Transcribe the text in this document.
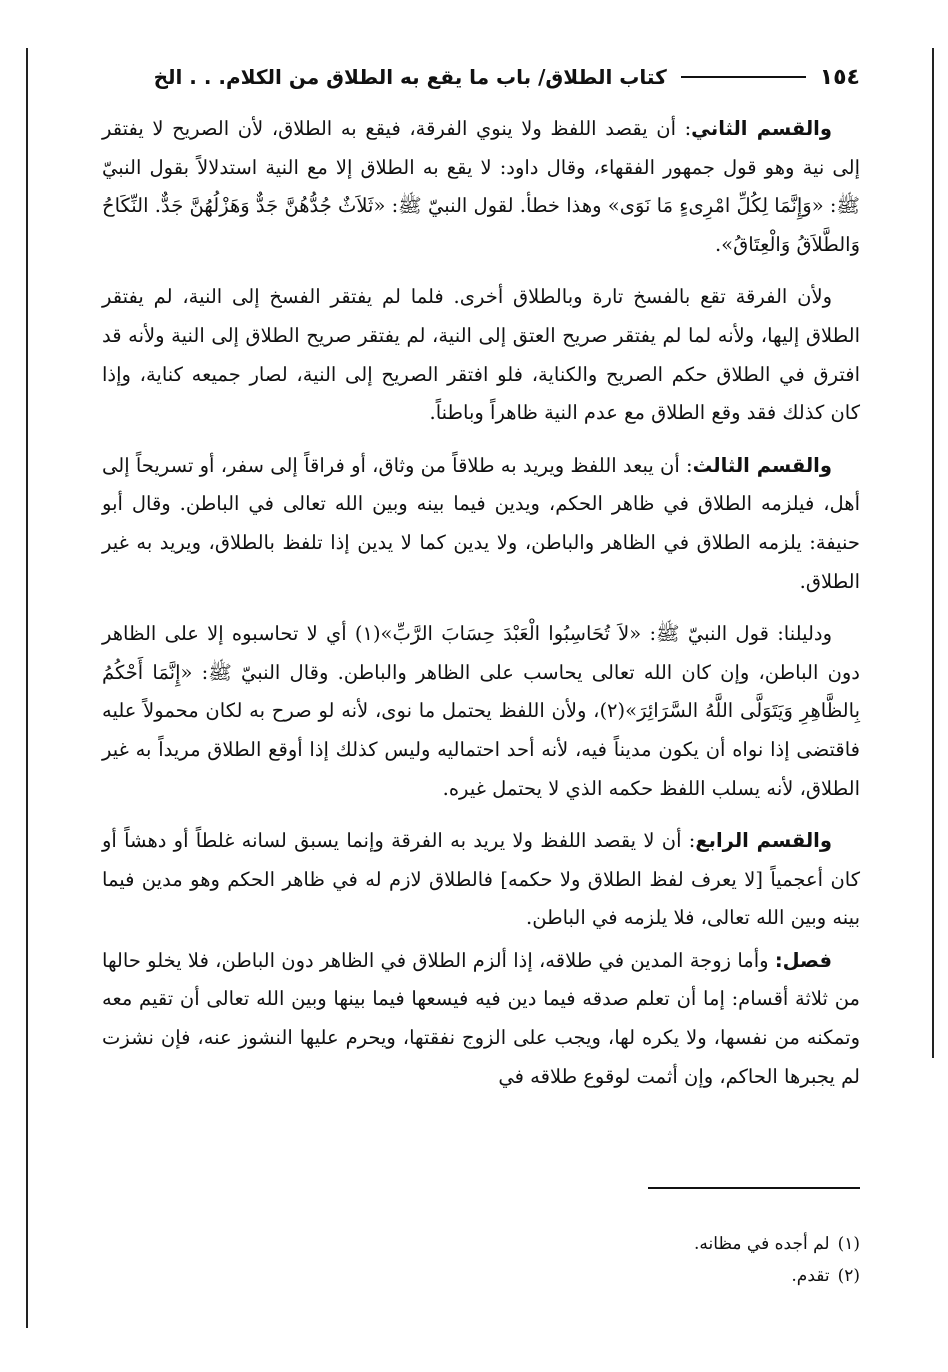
١٥٤
كتاب الطلاق/ باب ما يقع به الطلاق من الكلام. . . الخ

والقسم الثاني: أن يقصد اللفظ ولا ينوي الفرقة، فيقع به الطلاق، لأن الصريح لا يفتقر إلى نية وهو قول جمهور الفقهاء، وقال داود: لا يقع به الطلاق إلا مع النية استدلالاً بقول النبيّ ﷺ: «وَإِنَّمَا لِكُلِّ امْرِىءٍ مَا نَوَى» وهذا خطأ. لقول النبيّ ﷺ: «ثَلاَثٌ جُدُّهُنَّ جَدٌّ وَهَزْلُهُنَّ جَدٌّ. النِّكَاحُ وَالطَّلاَقُ وَالْعِتَاقُ».

ولأن الفرقة تقع بالفسخ تارة وبالطلاق أخرى. فلما لم يفتقر الفسخ إلى النية، لم يفتقر الطلاق إليها، ولأنه لما لم يفتقر صريح العتق إلى النية، لم يفتقر صريح الطلاق إلى النية ولأنه قد افترق في الطلاق حكم الصريح والكناية، فلو افتقر الصريح إلى النية، لصار جميعه كناية، وإذا كان كذلك فقد وقع الطلاق مع عدم النية ظاهراً وباطناً.

والقسم الثالث: أن يبعد اللفظ ويريد به طلاقاً من وثاق، أو فراقاً إلى سفر، أو تسريحاً إلى أهل، فيلزمه الطلاق في ظاهر الحكم، ويدين فيما بينه وبين الله تعالى في الباطن. وقال أبو حنيفة: يلزمه الطلاق في الظاهر والباطن، ولا يدين كما لا يدين إذا تلفظ بالطلاق، ويريد به غير الطلاق.

ودليلنا: قول النبيّ ﷺ: «لاَ تُحَاسِبُوا الْعَبْدَ حِسَابَ الرَّبِّ»(١) أي لا تحاسبوه إلا على الظاهر دون الباطن، وإن كان الله تعالى يحاسب على الظاهر والباطن. وقال النبيّ ﷺ: «إِنَّمَا أَحْكُمُ بِالظَّاهِرِ وَيَتَوَلَّى اللَّهُ السَّرَائِرَ»(٢)، ولأن اللفظ يحتمل ما نوى، لأنه لو صرح به لكان محمولاً عليه فاقتضى إذا نواه أن يكون مديناً فيه، لأنه أحد احتماليه وليس كذلك إذا أوقع الطلاق مريداً به غير الطلاق، لأنه يسلب اللفظ حكمه الذي لا يحتمل غيره.

والقسم الرابع: أن لا يقصد اللفظ ولا يريد به الفرقة وإنما يسبق لسانه غلطاً أو دهشاً أو كان أعجمياً [لا يعرف لفظ الطلاق ولا حكمه] فالطلاق لازم له في ظاهر الحكم وهو مدين فيما بينه وبين الله تعالى، فلا يلزمه في الباطن.

فصل: وأما زوجة المدين في طلاقه، إذا ألزم الطلاق في الظاهر دون الباطن، فلا يخلو حالها من ثلاثة أقسام: إما أن تعلم صدقه فيما دين فيه فيسعها فيما بينها وبين الله تعالى أن تقيم معه وتمكنه من نفسها، ولا يكره لها، ويجب على الزوج نفقتها، ويحرم عليها النشوز عنه، فإن نشزت لم يجبرها الحاكم، وإن أثمت لوقوع طلاقه في

(١)
لم أجده في مظانه.
(٢)
تقدم.
